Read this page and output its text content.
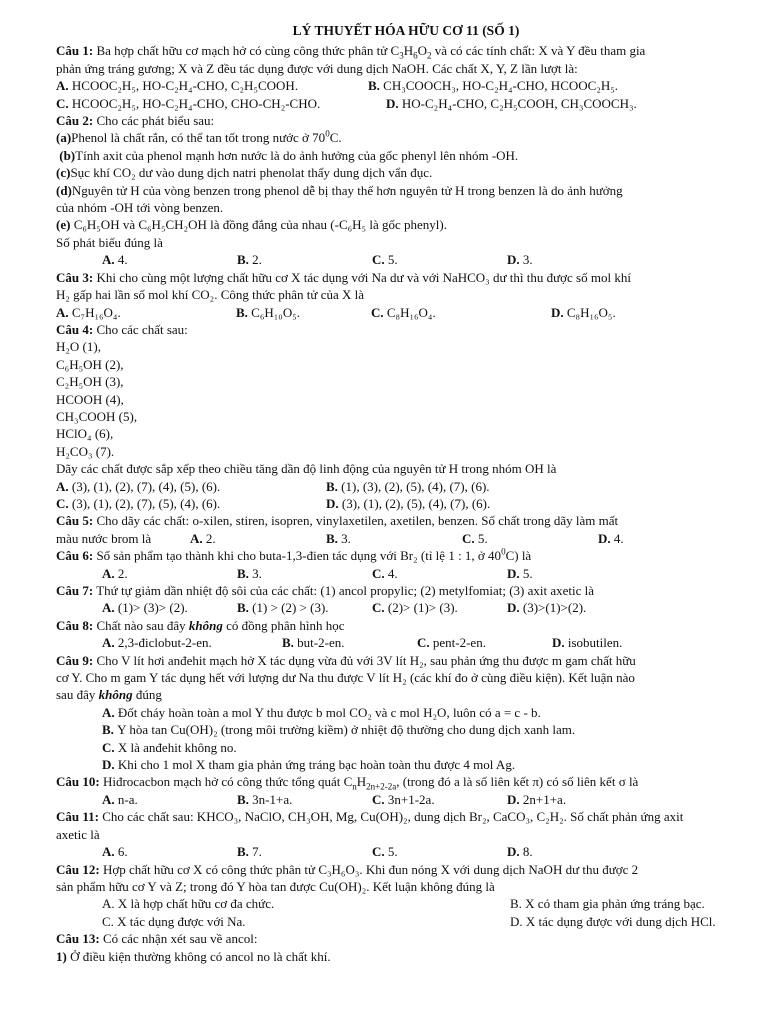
LÝ THUYẾT HÓA HỮU CƠ 11 (SỐ 1)
Câu 1: Ba hợp chất hữu cơ mạch hở có cùng công thức phân tử $C_3H_6O_2$ và có các tính chất: X và Y đều tham gia
phản ứng tráng gương; X và Z đều tác dụng được với dung dịch NaOH. Các chất X, Y, Z lần lượt là:
A. HCOOC₂H₅, HO-C₂H₄-CHO, C₂H₅COOH.	B. CH₃COOCH₃, HO-C₂H₄-CHO, HCOOC₂H₅.
C. HCOOC₂H₅, HO-C₂H₄-CHO, CHO-CH₂-CHO.	D. HO-C₂H₄-CHO, C₂H₅COOH, CH₃COOCH₃.
Câu 2: Cho các phát biểu sau:
(a)Phenol là chất rắn, có thể tan tốt trong nước ở $70^0C$.
(b)Tính axit của phenol mạnh hơn nước là do ảnh hưởng của gốc phenyl lên nhóm -OH.
(c)Sục khí CO₂ dư vào dung dịch natri phenolat thấy dung dịch vẩn đục.
(d)Nguyên tử H của vòng benzen trong phenol dễ bị thay thế hơn nguyên tử H trong benzen là do ảnh hưởng
của nhóm -OH tới vòng benzen.
(e) C₆H₅OH và C₆H₅CH₂OH là đồng đẳng của nhau (-C₆H₅ là gốc phenyl).
Số phát biểu đúng là
A. 4.	B. 2.	C. 5.	D. 3.
Câu 3: Khi cho cùng một lượng chất hữu cơ X tác dụng với Na dư và với NaHCO₃ dư thì thu được số mol khí
H₂ gấp hai lần số mol khí CO₂. Công thức phân tử của X là
A. C₇H₁₆O₄.	B. C₆H₁₀O₅.	C. C₈H₁₆O₄.	D. C₈H₁₆O₅.
Câu 4: Cho các chất sau:
H₂O (1),
C₆H₅OH (2),
C₂H₅OH (3),
HCOOH (4),
CH₃COOH (5),
HClO₄ (6),
H₂CO₃ (7).
Dãy các chất được sắp xếp theo chiều tăng dần độ linh động của nguyên tử H trong nhóm OH là
A. (3), (1), (2), (7), (4), (5), (6).	B. (1), (3), (2), (5), (4), (7), (6).
C. (3), (1), (2), (7), (5), (4), (6).	D. (3), (1), (2), (5), (4), (7), (6).
Câu 5: Cho dãy các chất: o-xilen, stiren, isopren, vinylaxetilen, axetilen, benzen. Số chất trong dãy làm mất
màu nước brom là	A. 2.	B. 3.	C. 5.	D. 4.
Câu 6: Số sản phẩm tạo thành khi cho buta-1,3-đien tác dụng với Br₂ (tỉ lệ 1 : 1, ở $40^0C$) là
A. 2.	B. 3.	C. 4.	D. 5.
Câu 7: Thứ tự giảm dần nhiệt độ sôi của các chất: (1) ancol propylic; (2) metylfomiat; (3) axit axetic là
A. (1)> (3)> (2).	B. (1) > (2) > (3).	C. (2)> (1)> (3).	D. (3)>(1)>(2).
Câu 8: Chất nào sau đây không có đồng phân hình học
A. 2,3-điclobut-2-en.	B. but-2-en.	C. pent-2-en.	D. isobutilen.
Câu 9: Cho V lít hơi anđehit mạch hở X tác dụng vừa đủ với 3V lít H₂, sau phản ứng thu được m gam chất hữu
cơ Y. Cho m gam Y tác dụng hết với lượng dư Na thu được V lít H₂ (các khí đo ở cùng điều kiện). Kết luận nào
sau đây không đúng
A. Đốt cháy hoàn toàn a mol Y thu được b mol CO₂ và c mol H₂O, luôn có a = c - b.
B. Y hòa tan Cu(OH)₂ (trong môi trường kiềm) ở nhiệt độ thường cho dung dịch xanh lam.
C. X là anđehit không no.
D. Khi cho 1 mol X tham gia phản ứng tráng bạc hoàn toàn thu được 4 mol Ag.
Câu 10: Hiđrocacbon mạch hở có công thức tổng quát $C_nH_{2n+2-2a}$, (trong đó a là số liên kết π) có số liên kết σ là
A. n-a.	B. 3n-1+a.	C. 3n+1-2a.	D. 2n+1+a.
Câu 11: Cho các chất sau: KHCO₃, NaClO, CH₃OH, Mg, Cu(OH)₂, dung dịch Br₂, CaCO₃, C₂H₂. Số chất phản ứng axit
axetic là
A. 6.	B. 7.	C. 5.	D. 8.
Câu 12: Hợp chất hữu cơ X có công thức phân tử C₃H₆O₃. Khi đun nóng X với dung dịch NaOH dư thu được 2
sản phẩm hữu cơ Y và Z; trong đó Y hòa tan được Cu(OH)₂. Kết luận không đúng là
A. X là hợp chất hữu cơ đa chức.	B. X có tham gia phản ứng tráng bạc.
C. X tác dụng được với Na.	D. X tác dụng được với dung dịch HCl.
Câu 13: Có các nhận xét sau về ancol:
1) Ở điều kiện thường không có ancol no là chất khí.
